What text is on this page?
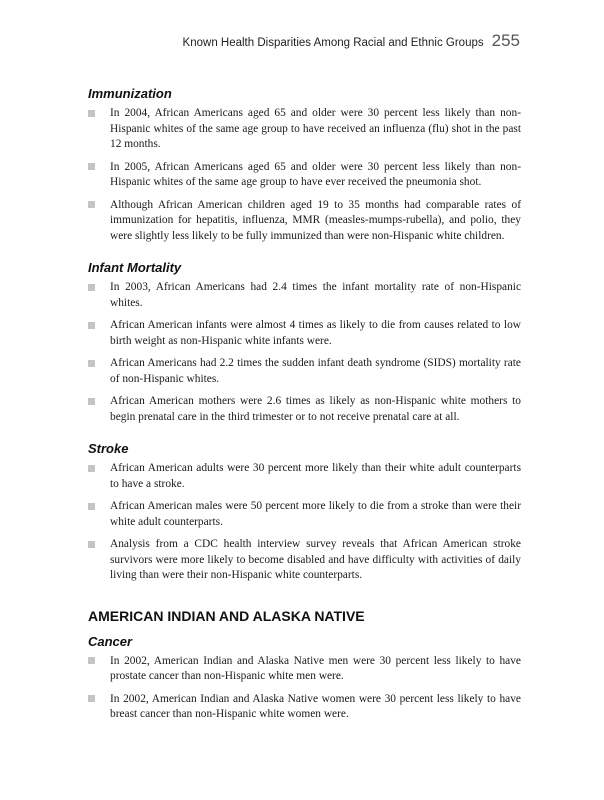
Known Health Disparities Among Racial and Ethnic Groups 255
Immunization
In 2004, African Americans aged 65 and older were 30 percent less likely than non-Hispanic whites of the same age group to have received an influenza (flu) shot in the past 12 months.
In 2005, African Americans aged 65 and older were 30 percent less likely than non-Hispanic whites of the same age group to have ever received the pneumonia shot.
Although African American children aged 19 to 35 months had comparable rates of immunization for hepatitis, influenza, MMR (measles-mumps-rubella), and polio, they were slightly less likely to be fully immunized than were non-Hispanic white children.
Infant Mortality
In 2003, African Americans had 2.4 times the infant mortality rate of non-Hispanic whites.
African American infants were almost 4 times as likely to die from causes related to low birth weight as non-Hispanic white infants were.
African Americans had 2.2 times the sudden infant death syndrome (SIDS) mortality rate of non-Hispanic whites.
African American mothers were 2.6 times as likely as non-Hispanic white mothers to begin prenatal care in the third trimester or to not receive prenatal care at all.
Stroke
African American adults were 30 percent more likely than their white adult counterparts to have a stroke.
African American males were 50 percent more likely to die from a stroke than were their white adult counterparts.
Analysis from a CDC health interview survey reveals that African American stroke survivors were more likely to become disabled and have difficulty with activities of daily living than were their non-Hispanic white counterparts.
AMERICAN INDIAN AND ALASKA NATIVE
Cancer
In 2002, American Indian and Alaska Native men were 30 percent less likely to have prostate cancer than non-Hispanic white men were.
In 2002, American Indian and Alaska Native women were 30 percent less likely to have breast cancer than non-Hispanic white women were.
